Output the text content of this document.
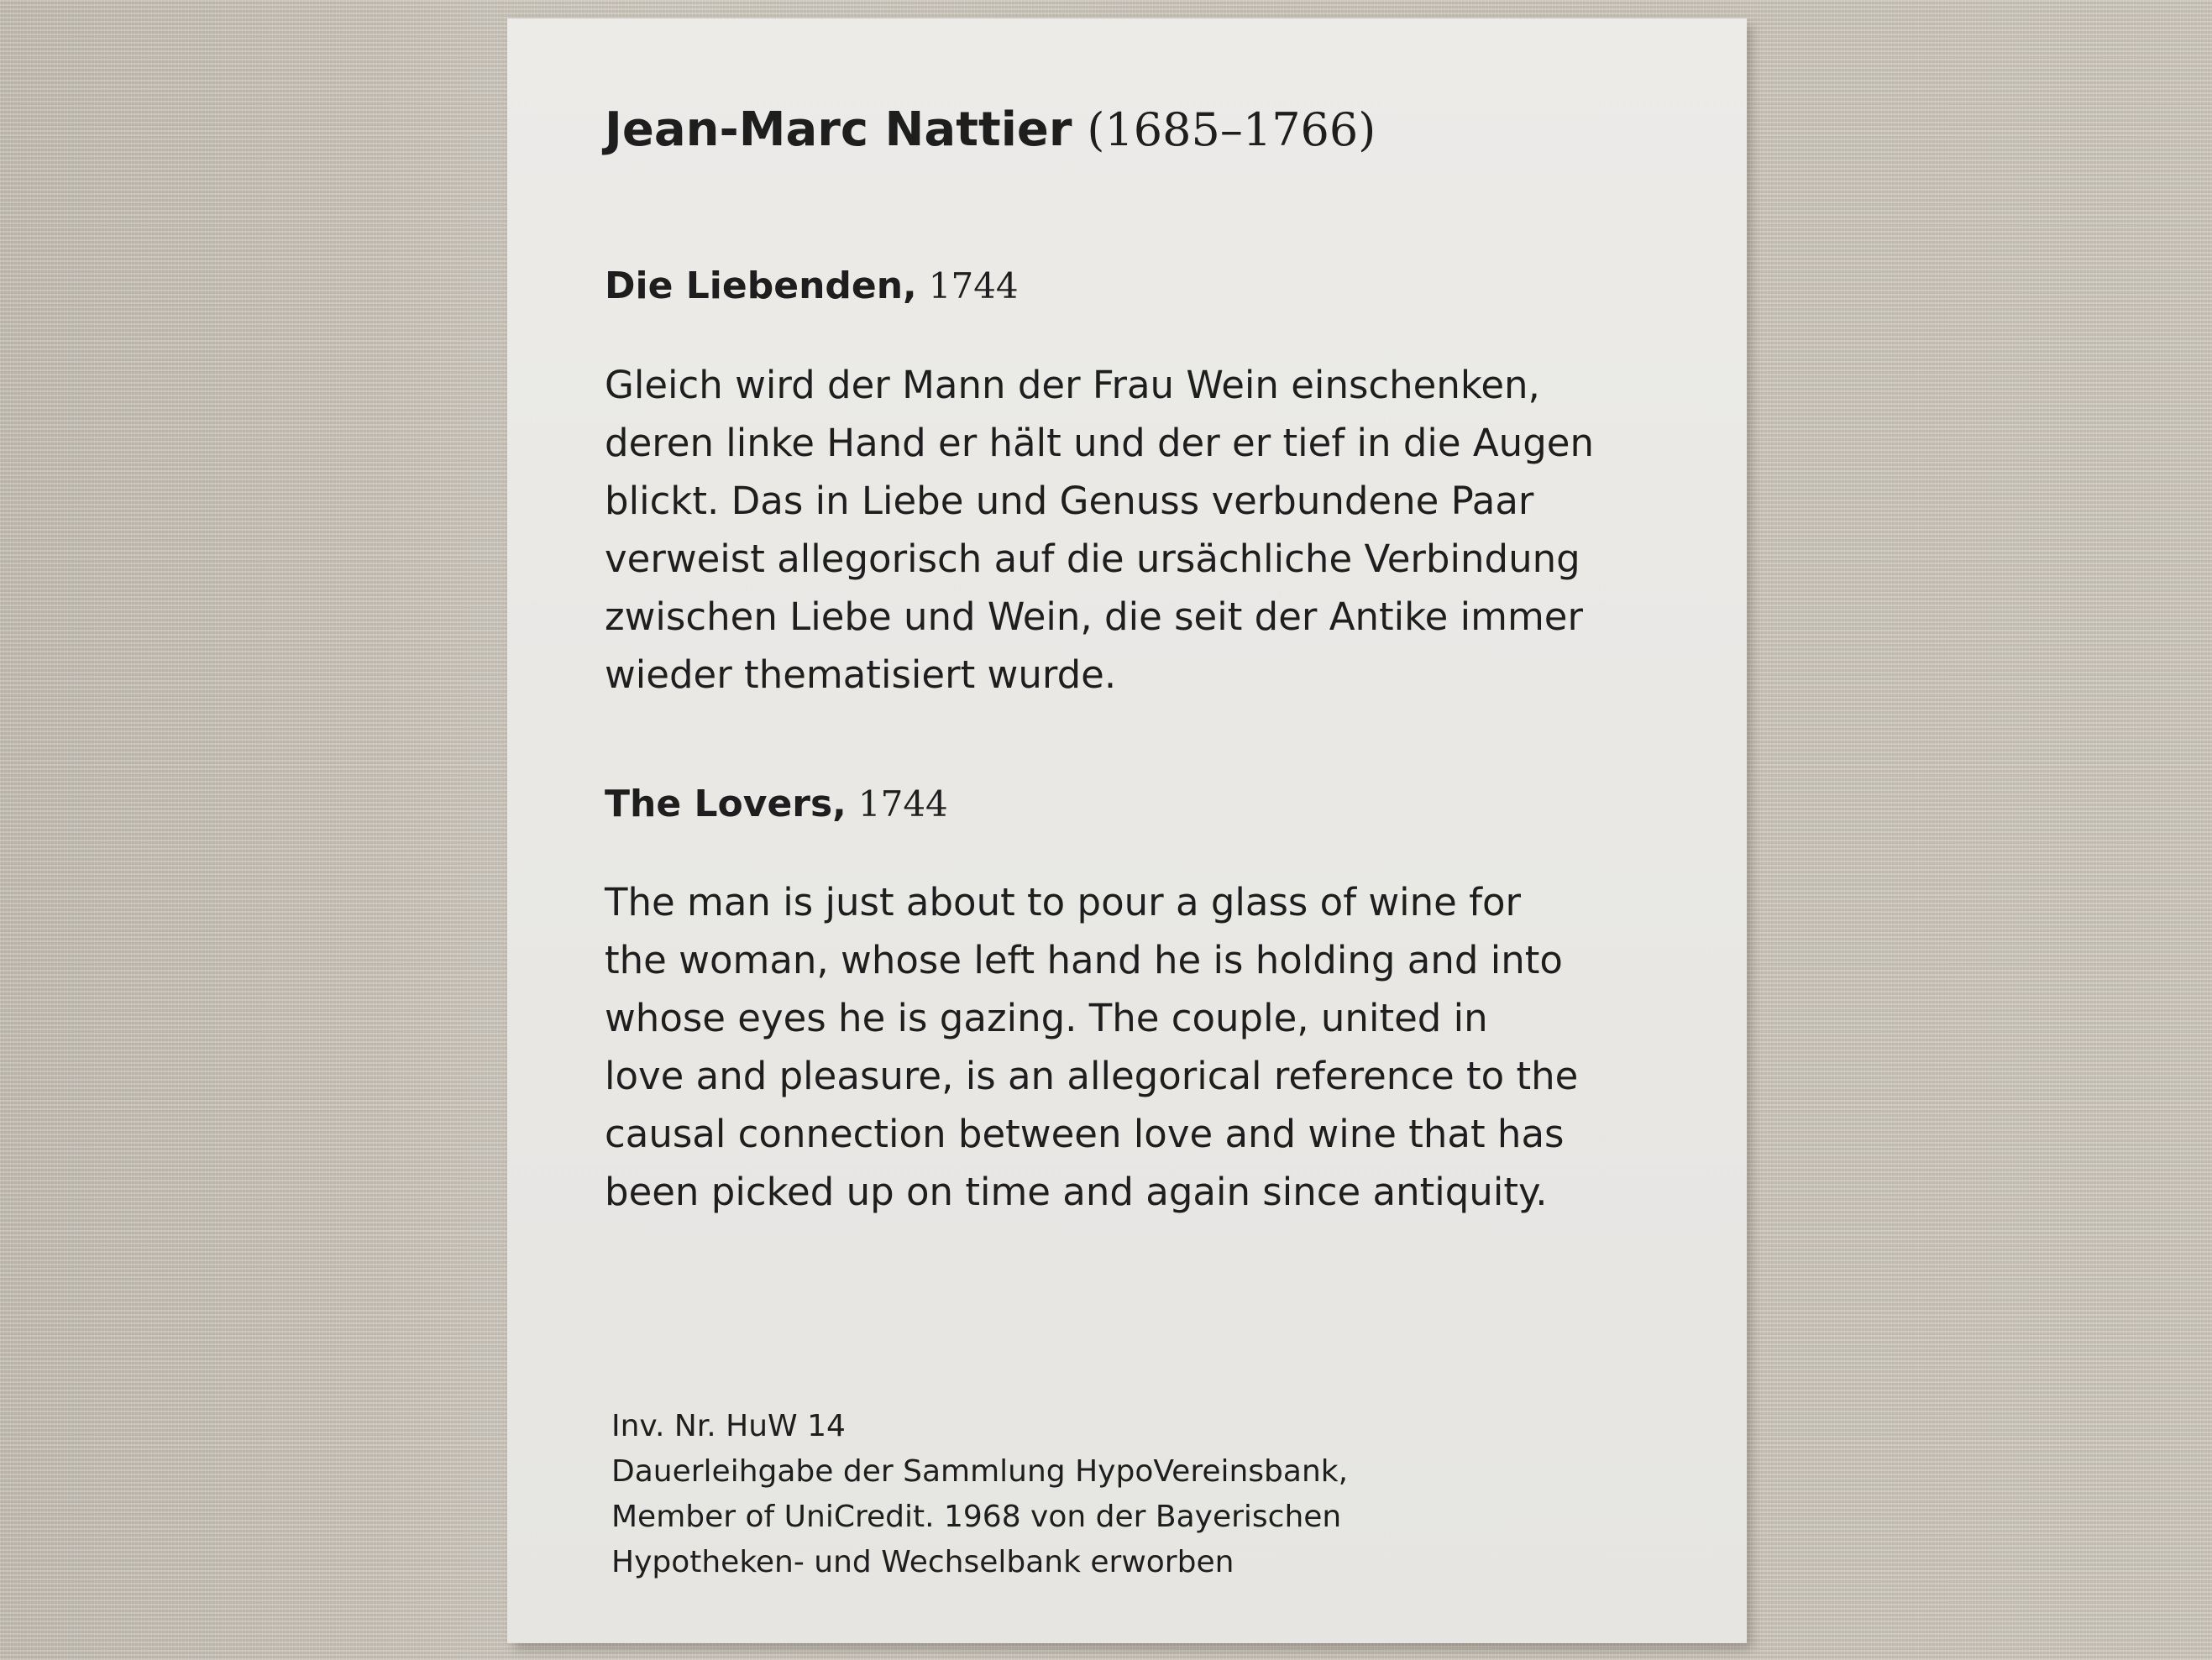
Jean-Marc Nattier (1685–1766)
Die Liebenden, 1744
Gleich wird der Mann der Frau Wein einschenken,
deren linke Hand er hält und der er tief in die Augen
blickt. Das in Liebe und Genuss verbundene Paar
verweist allegorisch auf die ursächliche Verbindung
zwischen Liebe und Wein, die seit der Antike immer
wieder thematisiert wurde.
The Lovers, 1744
The man is just about to pour a glass of wine for
the woman, whose left hand he is holding and into
whose eyes he is gazing. The couple, united in
love and pleasure, is an allegorical reference to the
causal connection between love and wine that has
been picked up on time and again since antiquity.
Inv. Nr. HuW 14
Dauerleihgabe der Sammlung HypoVereinsbank,
Member of UniCredit. 1968 von der Bayerischen
Hypotheken- und Wechselbank erworben
